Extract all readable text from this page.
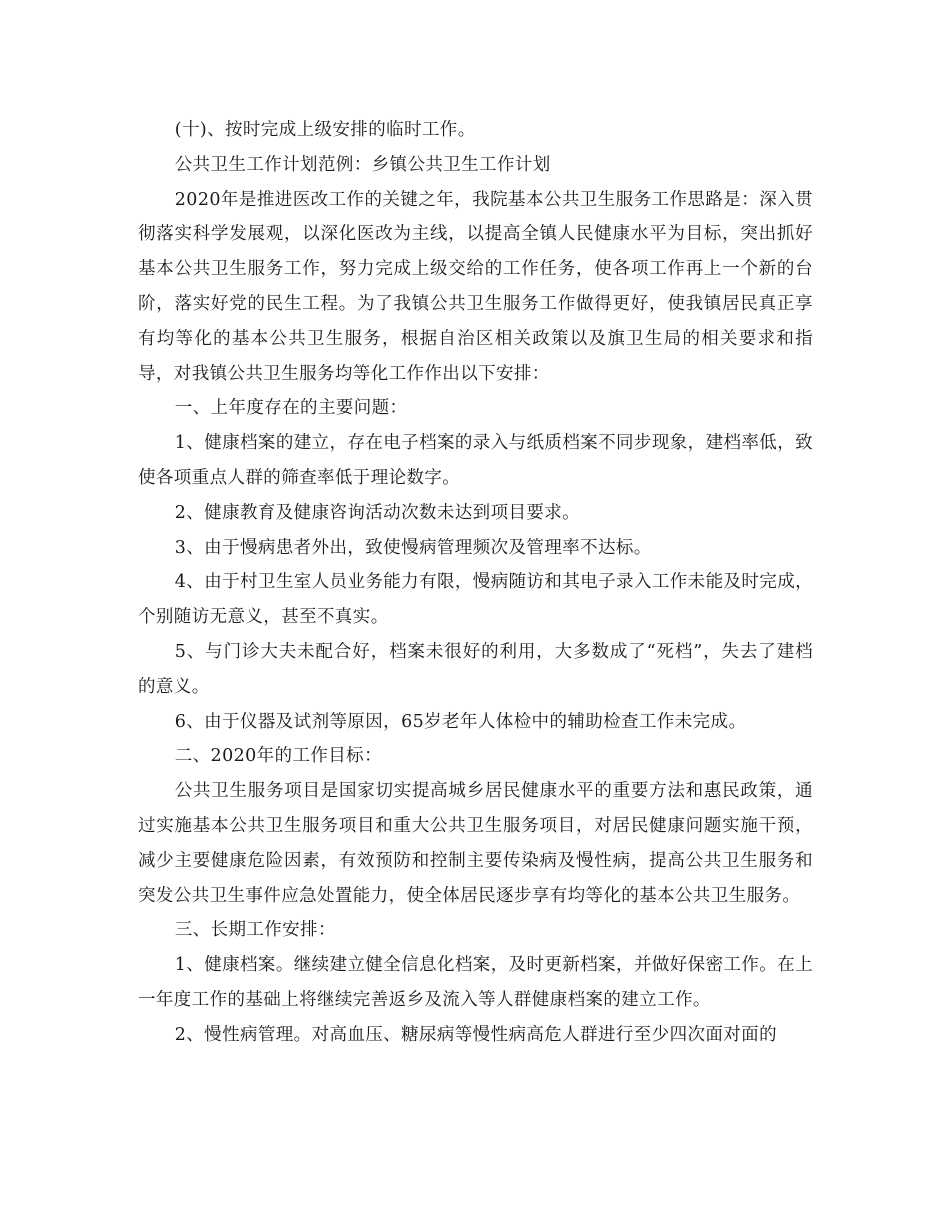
(十)、按时完成上级安排的临时工作。

公共卫生工作计划范例：乡镇公共卫生工作计划

2020年是推进医改工作的关键之年，我院基本公共卫生服务工作思路是：深入贯彻落实科学发展观，以深化医改为主线，以提高全镇人民健康水平为目标，突出抓好基本公共卫生服务工作，努力完成上级交给的工作任务，使各项工作再上一个新的台阶，落实好党的民生工程。为了我镇公共卫生服务工作做得更好，使我镇居民真正享有均等化的基本公共卫生服务，根据自治区相关政策以及旗卫生局的相关要求和指导，对我镇公共卫生服务均等化工作作出以下安排：

一、上年度存在的主要问题：

1、健康档案的建立，存在电子档案的录入与纸质档案不同步现象，建档率低，致使各项重点人群的筛查率低于理论数字。

2、健康教育及健康咨询活动次数未达到项目要求。

3、由于慢病患者外出，致使慢病管理频次及管理率不达标。

4、由于村卫生室人员业务能力有限，慢病随访和其电子录入工作未能及时完成，个别随访无意义，甚至不真实。

5、与门诊大夫未配合好，档案未很好的利用，大多数成了“死档”，失去了建档的意义。

6、由于仪器及试剂等原因，65岁老年人体检中的辅助检查工作未完成。

二、2020年的工作目标：

公共卫生服务项目是国家切实提高城乡居民健康水平的重要方法和惠民政策，通过实施基本公共卫生服务项目和重大公共卫生服务项目，对居民健康问题实施干预，减少主要健康危险因素，有效预防和控制主要传染病及慢性病，提高公共卫生服务和突发公共卫生事件应急处置能力，使全体居民逐步享有均等化的基本公共卫生服务。

三、长期工作安排：

1、健康档案。继续建立健全信息化档案，及时更新档案，并做好保密工作。在上一年度工作的基础上将继续完善返乡及流入等人群健康档案的建立工作。

2、慢性病管理。对高血压、糖尿病等慢性病高危人群进行至少四次面对面的
